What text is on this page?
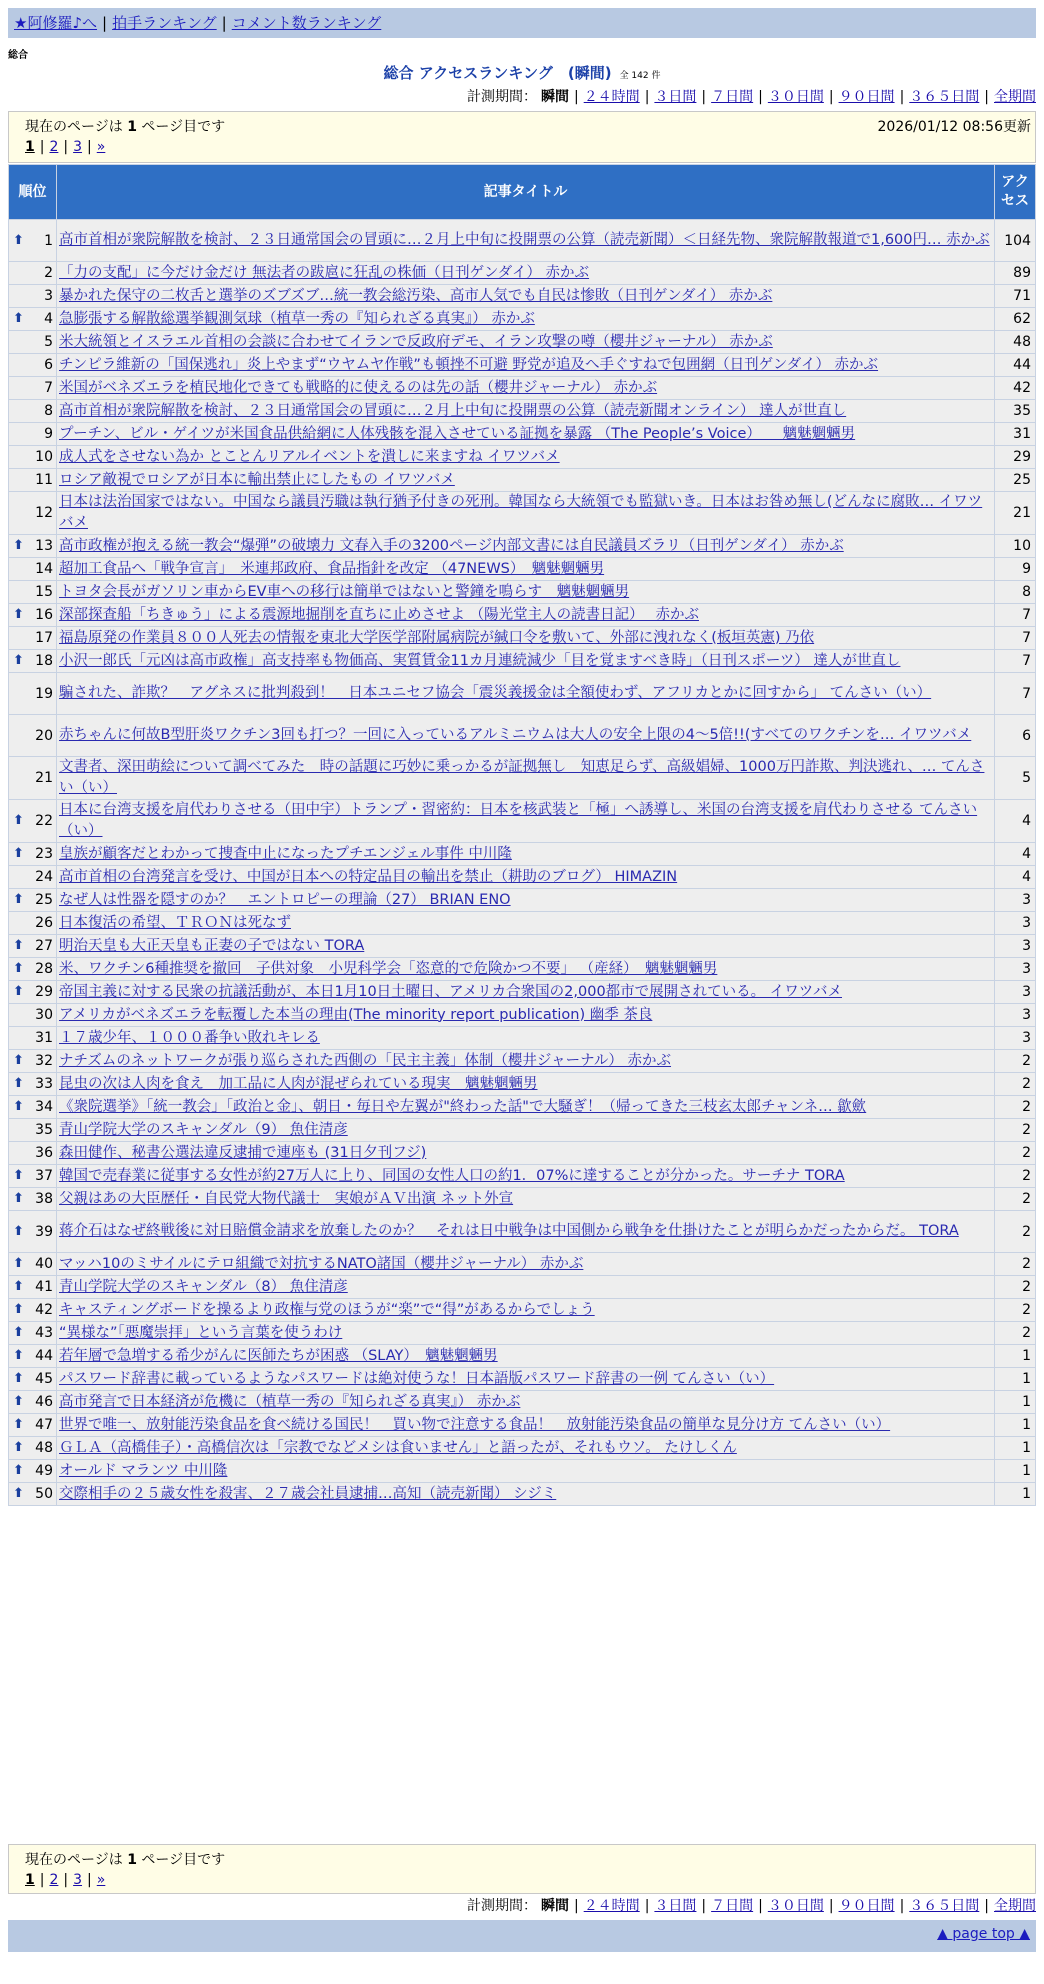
★阿修羅♪へ | 拍手ランキング | コメント数ランキング
総合
総合 アクセスランキング　(瞬間) 全 142 件
計測期間： 瞬間 | ２４時間 | ３日間 | ７日間 | ３０日間 | ９０日間 | ３６５日間 | 全期間
現在のページは 1 ページ目です	2026/01/12 08:56更新
1 | 2 | 3 | »
順位	記事タイトル	アクセス

⬆ 1	高市首相が衆院解散を検討、２３日通常国会の冒頭に…２月上中旬に投開票の公算（読売新聞）＜日経先物、衆院解散報道で1,600円… 赤かぶ	104
2	「力の支配」に今だけ金だけ 無法者の跋扈に狂乱の株価（日刊ゲンダイ） 赤かぶ	89
3	暴かれた保守の二枚舌と選挙のズブズブ…統一教会総汚染、高市人気でも自民は惨敗（日刊ゲンダイ） 赤かぶ	71

⬆ 4	急膨張する解散総選挙観測気球（植草一秀の『知られざる真実』） 赤かぶ	62
5	米大統領とイスラエル首相の会談に合わせてイランで反政府デモ、イラン攻撃の噂（櫻井ジャーナル） 赤かぶ	48
6	チンピラ維新の「国保逃れ」炎上やまず“ウヤムヤ作戦”も頓挫不可避 野党が追及へ手ぐすねで包囲網（日刊ゲンダイ） 赤かぶ	44
7	米国がベネズエラを植民地化できても戦略的に使えるのは先の話（櫻井ジャーナル） 赤かぶ	42
8	高市首相が衆院解散を検討、２３日通常国会の冒頭に…２月上中旬に投開票の公算（読売新聞オンライン） 達人が世直し	35
9	プーチン、ビル・ゲイツが米国食品供給網に人体残骸を混入させている証拠を暴露 （The People’s Voice）　　魑魅魍魎男	31
10	成人式をさせない為か とことんリアルイベントを潰しに来ますね イワツバメ	29
11	ロシア敵視でロシアが日本に輸出禁止にしたもの イワツバメ	25
12	日本は法治国家ではない。中国なら議員汚職は執行猶予付きの死刑。韓国なら大統領でも監獄いき。日本はお咎め無し(どんなに腐敗… イワツバメ	21

⬆ 13	高市政権が抱える統一教会“爆弾”の破壊力 文春入手の3200ページ内部文書には自民議員ズラリ（日刊ゲンダイ） 赤かぶ	10
14	超加工食品へ「戦争宣言」　米連邦政府、食品指針を改定 （47NEWS）　魑魅魍魎男	9
15	トヨタ会長がガソリン車からEV車への移行は簡単ではないと警鐘を鳴らす　魑魅魍魎男	8

⬆ 16	深部探査船「ちきゅう」による震源地掘削を直ちに止めさせよ （陽光堂主人の読書日記）　 赤かぶ	7
17	福島原発の作業員８００人死去の情報を東北大学医学部附属病院が緘口令を敷いて、外部に洩れなく(板垣英憲) 乃依	7

⬆ 18	小沢一郎氏「元凶は高市政権」高支持率も物価高、実質賃金11カ月連続減少「目を覚ますべき時」（日刊スポーツ） 達人が世直し	7
19	騙された、詐欺？　アグネスに批判殺到！　日本ユニセフ協会「震災義援金は全額使わず、アフリカとかに回すから」 てんさい（い）	7
20	赤ちゃんに何故B型肝炎ワクチン3回も打つ？一回に入っているアルミニウムは大人の安全上限の4～5倍!!(すべてのワクチンを… イワツバメ	6
21	文書者、深田萌絵について調べてみた　時の話題に巧妙に乗っかるが証拠無し　知恵足らず、高級娼婦、1000万円詐欺、判決逃れ、… てんさい（い）	5

⬆ 22	日本に台湾支援を肩代わりさせる（田中宇）トランプ・習密約：日本を核武装と「極」へ誘導し、米国の台湾支援を肩代わりさせる てんさい（い）	4

⬆ 23	皇族が顧客だとわかって捜査中止になったプチエンジェル事件 中川隆	4
24	高市首相の台湾発言を受け、中国が日本への特定品目の輸出を禁止（耕助のブログ） HIMAZIN	4

⬆ 25	なぜ人は性器を隠すのか？　エントロピーの理論（27） BRIAN ENO	3
26	日本復活の希望、ＴＲＯＮは死なず	3

⬆ 27	明治天皇も大正天皇も正妻の子ではない TORA	3

⬆ 28	米、ワクチン6種推奨を撤回　子供対象　小児科学会「恣意的で危険かつ不要」 （産経）　魑魅魍魎男	3

⬆ 29	帝国主義に対する民衆の抗議活動が、本日1月10日土曜日、アメリカ合衆国の2,000都市で展開されている。 イワツバメ	3
30	アメリカがベネズエラを転覆した本当の理由(The minority report publication) 幽季 茶良	3
31	１７歳少年、１０００番争い敗れキレる	3

⬆ 32	ナチズムのネットワークが張り巡らされた西側の「民主主義」体制（櫻井ジャーナル） 赤かぶ	2

⬆ 33	昆虫の次は人肉を食え　加工品に人肉が混ぜられている現実　魑魅魍魎男	2

⬆ 34	《衆院選挙》「統一教会」「政治と金」、朝日・毎日や左翼が"終わった話"で大騒ぎ！（帰ってきた三枝玄太郎チャンネ… 歙歛	2
35	青山学院大学のスキャンダル（9） 魚住清彦	2
36	森田健作、秘書公選法違反逮捕で連座も (31日夕刊フジ)	2

⬆ 37	韓国で売春業に従事する女性が約27万人に上り、同国の女性人口の約1．07%に達することが分かった。サーチナ TORA	2

⬆ 38	父親はあの大臣歴任・自民党大物代議士　実娘がＡＶ出演 ネット外宣	2

⬆ 39	蒋介石はなぜ終戦後に対日賠償金請求を放棄したのか？　それは日中戦争は中国側から戦争を仕掛けたことが明らかだったからだ。 TORA	2

⬆ 40	マッハ10のミサイルにテロ組織で対抗するNATO諸国（櫻井ジャーナル） 赤かぶ	2

⬆ 41	青山学院大学のスキャンダル（8） 魚住清彦	2

⬆ 42	キャスティングボードを操るより政権与党のほうが“楽”で“得”があるからでしょう	2

⬆ 43	“異様な”「悪魔崇拝」という言葉を使うわけ	2

⬆ 44	若年層で急増する希少がんに医師たちが困惑 （SLAY）　魑魅魍魎男	1

⬆ 45	パスワード辞書に載っているようなパスワードは絶対使うな！日本語版パスワード辞書の一例 てんさい（い）	1

⬆ 46	高市発言で日本経済が危機に（植草一秀の『知られざる真実』） 赤かぶ	1

⬆ 47	世界で唯一、放射能汚染食品を食べ続ける国民！　買い物で注意する食品！　放射能汚染食品の簡単な見分け方 てんさい（い）	1

⬆ 48	ＧＬＡ（高橋佳子）・高橋信次は「宗教でなどメシは食いません」と語ったが、それもウソ。 たけしくん	1

⬆ 49	オールド マランツ 中川隆	1

⬆ 50	交際相手の２５歳女性を殺害、２７歳会社員逮捕…高知（読売新聞） シジミ	1
現在のページは 1 ページ目です
1 | 2 | 3 | »
計測期間： 瞬間 | ２４時間 | ３日間 | ７日間 | ３０日間 | ９０日間 | ３６５日間 | 全期間
▲ page top ▲
